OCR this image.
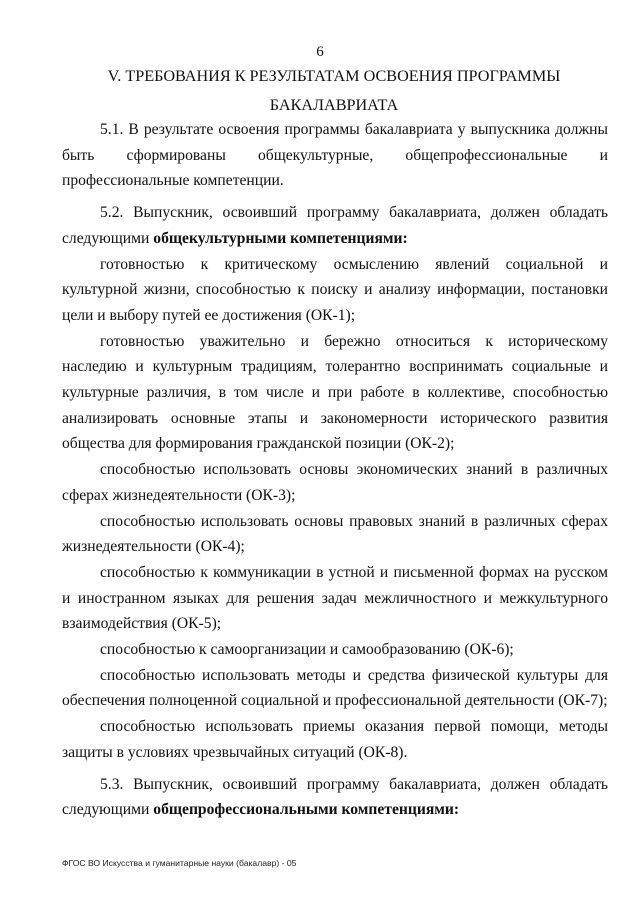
6
V. ТРЕБОВАНИЯ К РЕЗУЛЬТАТАМ ОСВОЕНИЯ ПРОГРАММЫ БАКАЛАВРИАТА

5.1. В результате освоения программы бакалавриата у выпускника должны быть сформированы общекультурные, общепрофессиональные и профессиональные компетенции.

5.2. Выпускник, освоивший программу бакалавриата, должен обладать следующими общекультурными компетенциями:

готовностью к критическому осмыслению явлений социальной и культурной жизни, способностью к поиску и анализу информации, постановки цели и выбору путей ее достижения (ОК-1);

готовностью уважительно и бережно относиться к историческому наследию и культурным традициям, толерантно воспринимать социальные и культурные различия, в том числе и при работе в коллективе, способностью анализировать основные этапы и закономерности исторического развития общества для формирования гражданской позиции (ОК-2);

способностью использовать основы экономических знаний в различных сферах жизнедеятельности (ОК-3);

способностью использовать основы правовых знаний в различных сферах жизнедеятельности (ОК-4);

способностью к коммуникации в устной и письменной формах на русском и иностранном языках для решения задач межличностного и межкультурного взаимодействия (ОК-5);

способностью к самоорганизации и самообразованию (ОК-6);

способностью использовать методы и средства физической культуры для обеспечения полноценной социальной и профессиональной деятельности (ОК-7);

способностью использовать приемы оказания первой помощи, методы защиты в условиях чрезвычайных ситуаций (ОК-8).

5.3. Выпускник, освоивший программу бакалавриата, должен обладать следующими общепрофессиональными компетенциями:

ФГОС ВО Искусства и гуманитарные науки (бакалавр) - 05
